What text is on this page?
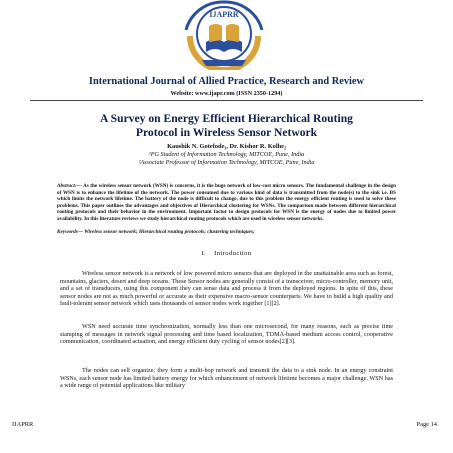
IJAPRR
International Journal of Allied Practice, Research and Review
Website: www.ijapr.com (ISSN 2350-1294)
A Survey on Energy Efficient Hierarchical Routing
Protocol in Wireless Sensor Network
Kaushik N. Gotefode₁, Dr. Kishor R. Kolhe₂
¹PG Student of Information Technology, MITCOE, Pune, India
²Associate Professor of Information Technology, MITCOE, Pune, India
Abstract:— As the wireless sensor network (WSN) is concerns, it is the huge network of low-cost micro sensors. The fundamental challenge in the design of WSN is to enhance the lifetime of the network. The power consumed due to various kind of data is transmitted from the node(s) to the sink i.e. BS which limits the network lifetime. The battery of the node is difficult to change, due to this problem the energy efficient routing is used to solve these problems. This paper outlines the advantages and objectives of Hierarchical clustering for WSNs. The comparison made between different hierarchical routing protocols and their behavior in the environment. Important factor to design protocols for WSN is the energy of nodes due to limited power availability. In this literature reviews we study hierarchical routing protocols which are used in wireless sensor networks.
Keywords— Wireless sensor network; Hierarchical routing protocols; clustering techniques;
I. Introduction
Wireless sensor network is a network of low powered micro sensors that are deployed in the unattainable area such as forest, mountains, glaciers, desert and deep oceans. These Sensor nodes are generally consist of a transceiver, micro-controller, memory unit, and a set of transducers, using this component they can sense data and process it from the deployed regions. In spite of this, these sensor nodes are not as much powerful or accurate as their expensive macro-sensor counterparts. We have to build a high quality and fault-tolerant sensor network which uses thousands of sensor nodes work together [1][2].
WSN need accurate time synchronization, normally less than one microsecond, for many reasons, such as precise time stamping of messages in network signal processing and time based localization, TDMA-based medium access control, cooperative communication, coordinated actuation, and energy efficient duty cycling of sensor nodes[2][3].
The nodes can self organize; they form a multi-hop network and transmit the data to a sink node. In an energy constraint WSNs, each sensor node has limited battery energy for which enhancement of network lifetime becomes a major challenge. WSN has a wide range of potential applications like military
IJAPRR	Page 14
